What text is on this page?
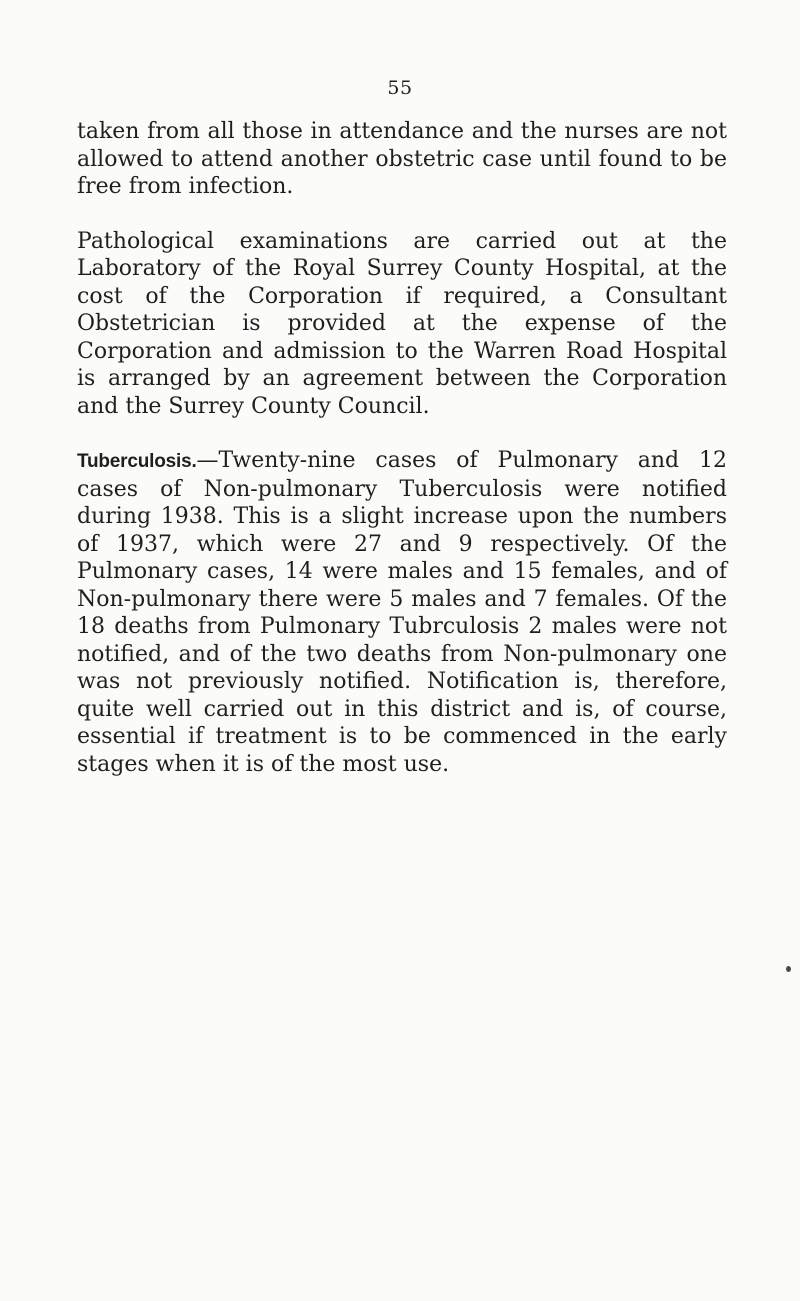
55

taken from all those in attendance and the nurses are not allowed to attend another obstetric case until found to be free from infection.

Pathological examinations are carried out at the Laboratory of the Royal Surrey County Hospital, at the cost of the Corporation if required, a Consultant Obstetrician is provided at the expense of the Corporation and admission to the Warren Road Hospital is arranged by an agreement between the Corporation and the Surrey County Council.

Tuberculosis.—Twenty-nine cases of Pulmonary and 12 cases of Non-pulmonary Tuberculosis were notified during 1938. This is a slight increase upon the numbers of 1937, which were 27 and 9 respectively. Of the Pulmonary cases, 14 were males and 15 females, and of Non-pulmonary there were 5 males and 7 females. Of the 18 deaths from Pulmonary Tubrculosis 2 males were not notified, and of the two deaths from Non-pulmonary one was not previously notified. Notification is, therefore, quite well carried out in this district and is, of course, essential if treatment is to be commenced in the early stages when it is of the most use.
